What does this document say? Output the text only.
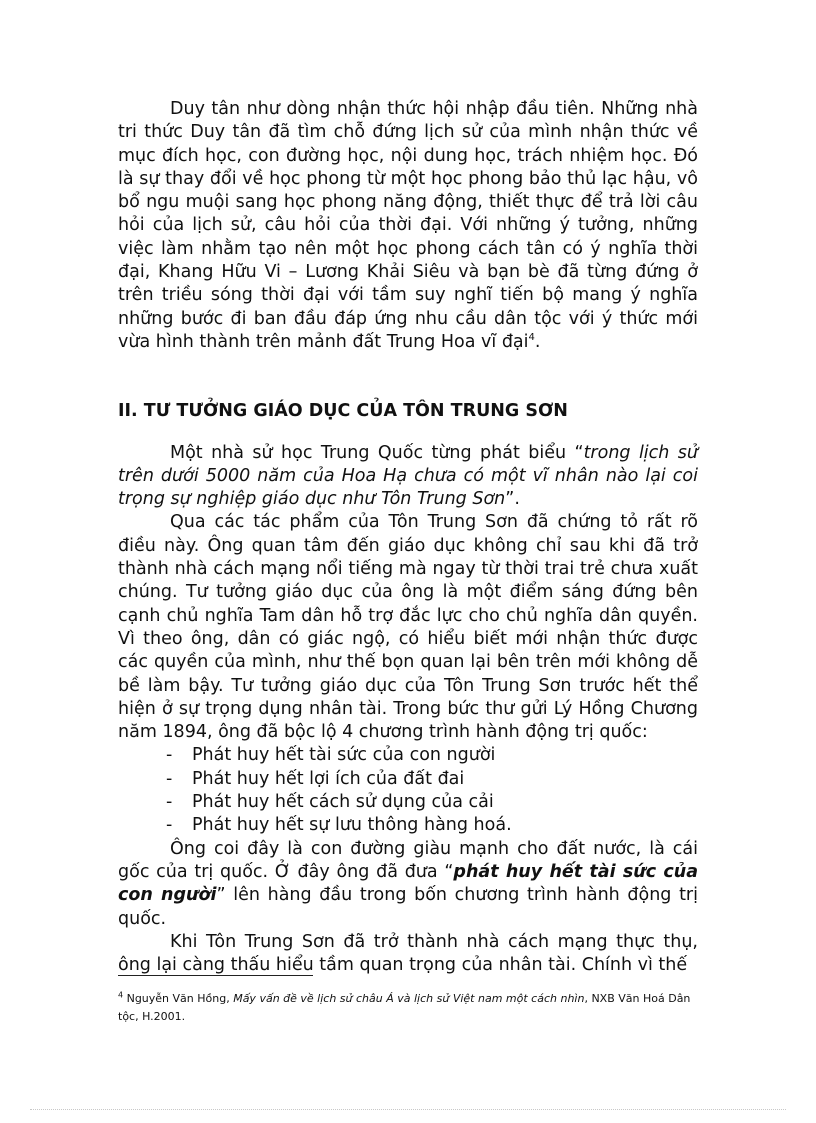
Duy tân như dòng nhận thức hội nhập đầu tiên. Những nhà tri thức Duy tân đã tìm chỗ đứng lịch sử của mình nhận thức về mục đích học, con đường học, nội dung học, trách nhiệm học. Đó là sự thay đổi về học phong từ một học phong bảo thủ lạc hậu, vô bổ ngu muội sang học phong năng động, thiết thực để trả lời câu hỏi của lịch sử, câu hỏi của thời đại. Với những ý tưởng, những việc làm nhằm tạo nên một học phong cách tân có ý nghĩa thời đại, Khang Hữu Vi – Lương Khải Siêu và bạn bè đã từng đứng ở trên triều sóng thời đại với tầm suy nghĩ tiến bộ mang ý nghĩa những bước đi ban đầu đáp ứng nhu cầu dân tộc với ý thức mới vừa hình thành trên mảnh đất Trung Hoa vĩ đại$^4$.

II. TƯ TƯỞNG GIÁO DỤC CỦA TÔN TRUNG SƠN

Một nhà sử học Trung Quốc từng phát biểu “trong lịch sử trên dưới 5000 năm của Hoa Hạ chưa có một vĩ nhân nào lại coi trọng sự nghiệp giáo dục như Tôn Trung Sơn”.

Qua các tác phẩm của Tôn Trung Sơn đã chứng tỏ rất rõ điều này. Ông quan tâm đến giáo dục không chỉ sau khi đã trở thành nhà cách mạng nổi tiếng mà ngay từ thời trai trẻ chưa xuất chúng. Tư tưởng giáo dục của ông là một điểm sáng đứng bên cạnh chủ nghĩa Tam dân hỗ trợ đắc lực cho chủ nghĩa dân quyền. Vì theo ông, dân có giác ngộ, có hiểu biết mới nhận thức được các quyền của mình, như thế bọn quan lại bên trên mới không dễ bề làm bậy. Tư tưởng giáo dục của Tôn Trung Sơn trước hết thể hiện ở sự trọng dụng nhân tài. Trong bức thư gửi Lý Hồng Chương năm 1894, ông đã bộc lộ 4 chương trình hành động trị quốc:

- Phát huy hết tài sức của con người
- Phát huy hết lợi ích của đất đai
- Phát huy hết cách sử dụng của cải
- Phát huy hết sự lưu thông hàng hoá.

Ông coi đây là con đường giàu mạnh cho đất nước, là cái gốc của trị quốc. Ở đây ông đã đưa “phát huy hết tài sức của con người” lên hàng đầu trong bốn chương trình hành động trị quốc.

Khi Tôn Trung Sơn đã trở thành nhà cách mạng thực thụ, ông lại càng thấu hiểu tầm quan trọng của nhân tài. Chính vì thế

$^4$ Nguyễn Văn Hồng, Mấy vấn đề về lịch sử châu Á và lịch sử Việt nam một cách nhìn, NXB Văn Hoá Dân tộc, H.2001.
